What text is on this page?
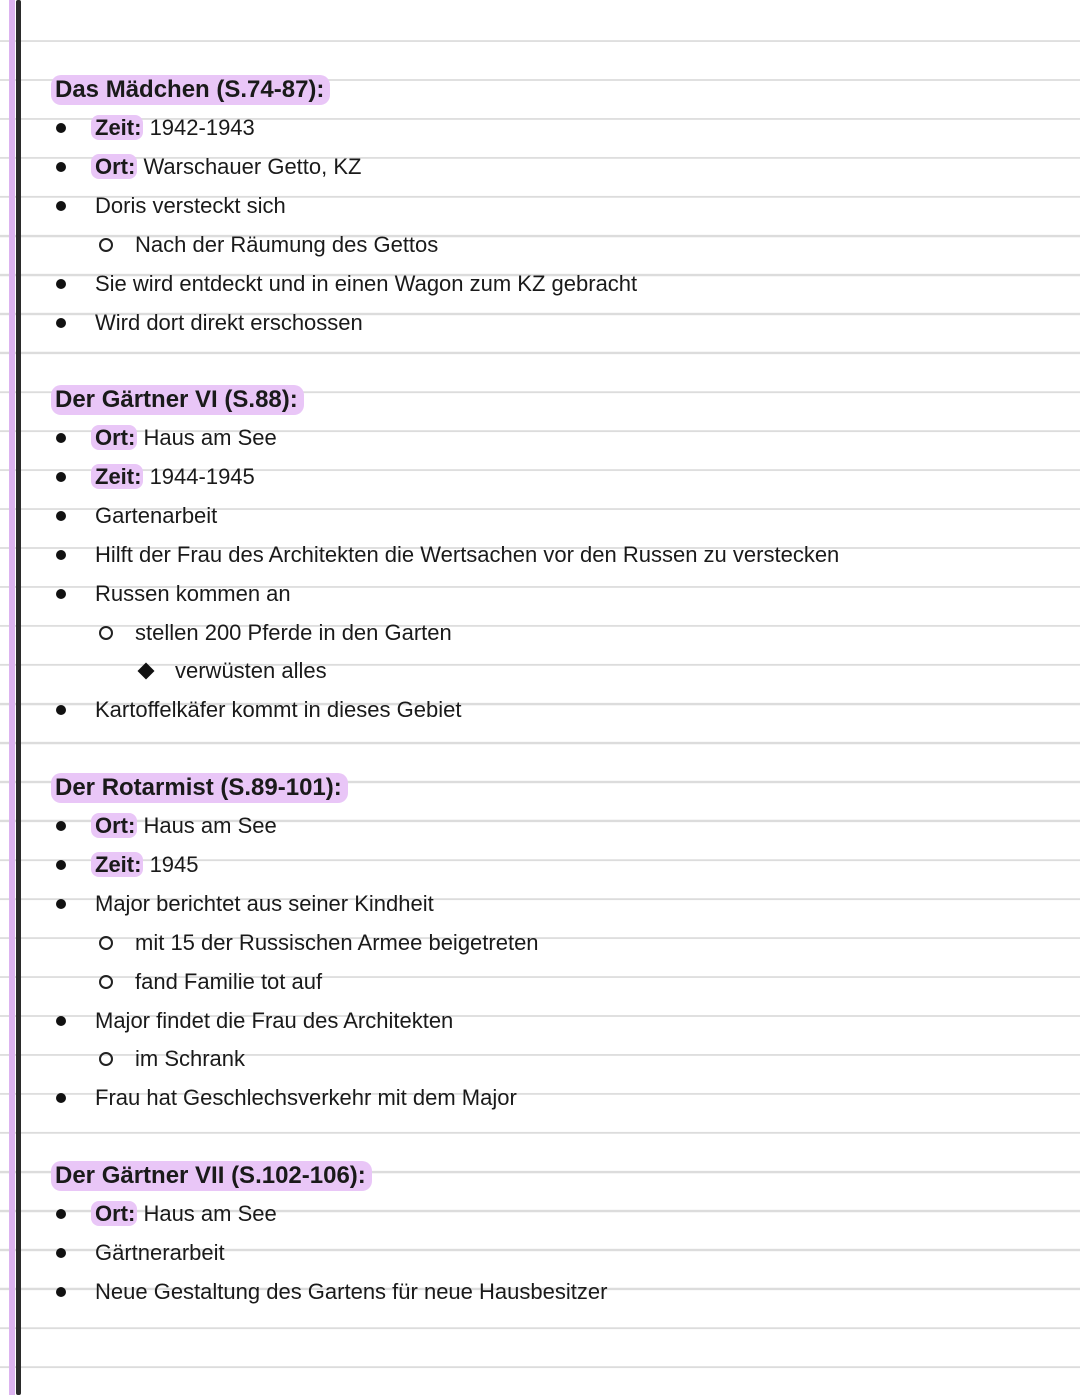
Das Mädchen (S.74-87):
Zeit: 1942-1943
Ort: Warschauer Getto, KZ
Doris versteckt sich
Nach der Räumung des Gettos
Sie wird entdeckt und in einen Wagon zum KZ gebracht
Wird dort direkt erschossen
Der Gärtner VI (S.88):
Ort: Haus am See
Zeit: 1944-1945
Gartenarbeit
Hilft der Frau des Architekten die Wertsachen vor den Russen zu verstecken
Russen kommen an
stellen 200 Pferde in den Garten
verwüsten alles
Kartoffelkäfer kommt in dieses Gebiet
Der Rotarmist (S.89-101):
Ort: Haus am See
Zeit: 1945
Major berichtet aus seiner Kindheit
mit 15 der Russischen Armee beigetreten
fand Familie tot auf
Major findet die Frau des Architekten
im Schrank
Frau hat Geschlechsverkehr mit dem Major
Der Gärtner VII (S.102-106):
Ort: Haus am See
Gärtnerarbeit
Neue Gestaltung des Gartens für neue Hausbesitzer
